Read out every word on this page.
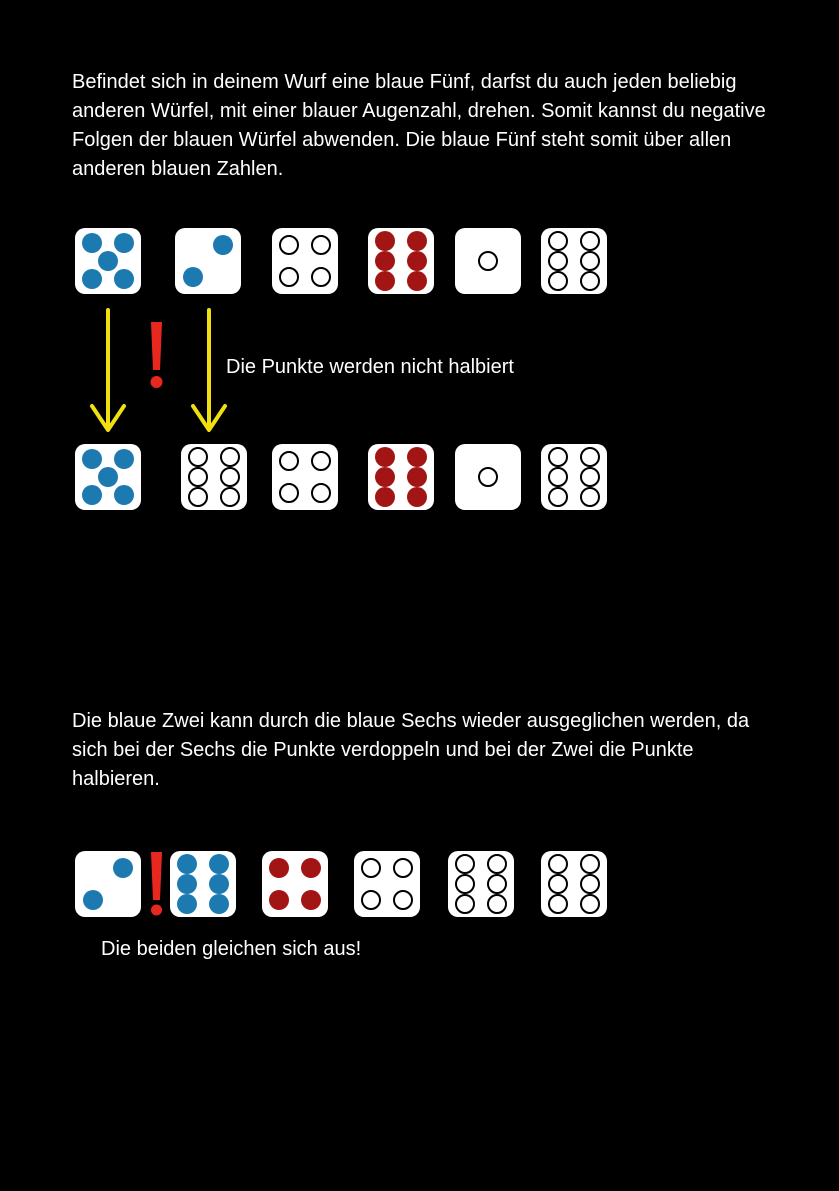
Befindet sich in deinem Wurf eine blaue Fünf, darfst du auch jeden beliebig anderen Würfel, mit einer blauer Augenzahl, drehen. Somit kannst du negative Folgen der blauen Würfel abwenden. Die blaue Fünf steht somit über allen anderen blauen Zahlen.

Die Punkte werden nicht halbiert

Die blaue Zwei kann durch die blaue Sechs wieder ausgeglichen werden, da sich bei der Sechs die Punkte verdoppeln und bei der Zwei die Punkte halbieren.

Die beiden gleichen sich aus!
